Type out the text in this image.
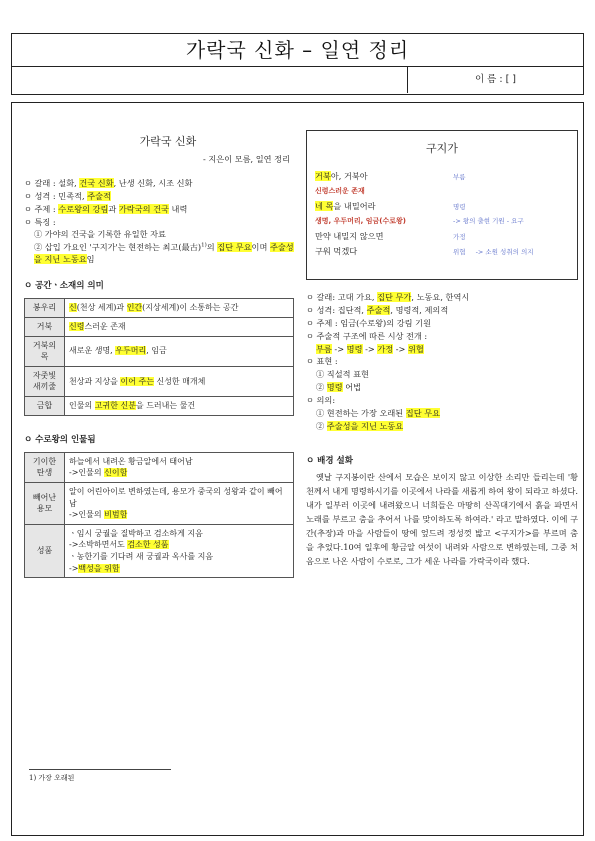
가락국 신화 – 일연 정리
이 름 : [ ]
가락국 신화
- 지은이 모름, 일연 정리
ㅇ 갈래 : 설화, 건국 신화, 난생 신화, 시조 신화
ㅇ 성격 : 민족적, 주술적
ㅇ 주제 : 수로왕의 강림과 가락국의 건국 내력
ㅇ 특징 :
① 가야의 건국을 기록한 유일한 자료
② 삽입 가요인 '구지가'는 현전하는 최고(最古)$^{1)}$의 집단 무요이며 주술성을 지닌 노동요임
ㅇ 공간ㆍ소재의 의미
봉우리	신(천상 세계)과 인간(지상세계)이 소통하는 공간
거북	신령스러운 존재
거북의 목	새로운 생명, 우두머리, 임금
자줏빛 새끼줄	천상과 지상을 이어 주는 신성한 매개체
금합	인물의 고귀한 신분을 드러내는 물건
ㅇ 수로왕의 인물됨
기이한 탄생	하늘에서 내려온 황금알에서 태어남
->인물의 신이함

빼어난 용모	알이 어린아이로 변하였는데, 용모가 중국의 성왕과 같이 빼어남
->인물의 비범함

성품	ㆍ임시 궁궐을 질박하고 검소하게 지음
->소박하면서도 검소한 성품
ㆍ농한기를 기다려 새 궁궐과 옥사를 지음
->백성을 위함
구지가
거북아, 거북아	부름
신령스러운 존재
네 목을 내밀어라	명령
생명, 우두머리, 임금(수로왕)	-> 왕의 출현 기원 - 요구
만약 내밀지 않으면	가정
구워 먹겠다	위협 -> 소원 성취의 의지
ㅇ 갈래: 고대 가요, 집단 무가, 노동요, 한역시
ㅇ 성격: 집단적, 주술적, 명령적, 제의적
ㅇ 주제 : 임금(수로왕)의 강림 기원
ㅇ 주술적 구조에 따른 시상 전개 :
부름 -> 명령 -> 가정 -> 위협
ㅇ 표현 :
① 직설적 표현
② 명령 어법
ㅇ 의의:
① 현전하는 가장 오래된 집단 무요
② 주술성을 지닌 노동요
ㅇ 배경 설화
옛날 구지봉이란 산에서 모습은 보이지 않고 이상한 소리만 들리는데 '황천께서 내게 명령하시기를 이곳에서 나라를 새롭게 하여 왕이 되라고 하셨다. 내가 일부러 이곳에 내려왔으니 너희들은 마땅히 산꼭대기에서 흙을 파면서 노래를 부르고 춤을 추어서 나를 맞이하도록 하여라.' 라고 말하였다. 이에 구간(추장)과 마을 사람들이 땅에 엎드려 정성껏 밟고 <구지가>를 부르며 춤을 추었다.10여 일후에 황금알 여섯이 내려와 사람으로 변하였는데, 그중 처음으로 나온 사람이 수로로, 그가 세운 나라를 가락국이라 했다.
1) 가장 오래된
